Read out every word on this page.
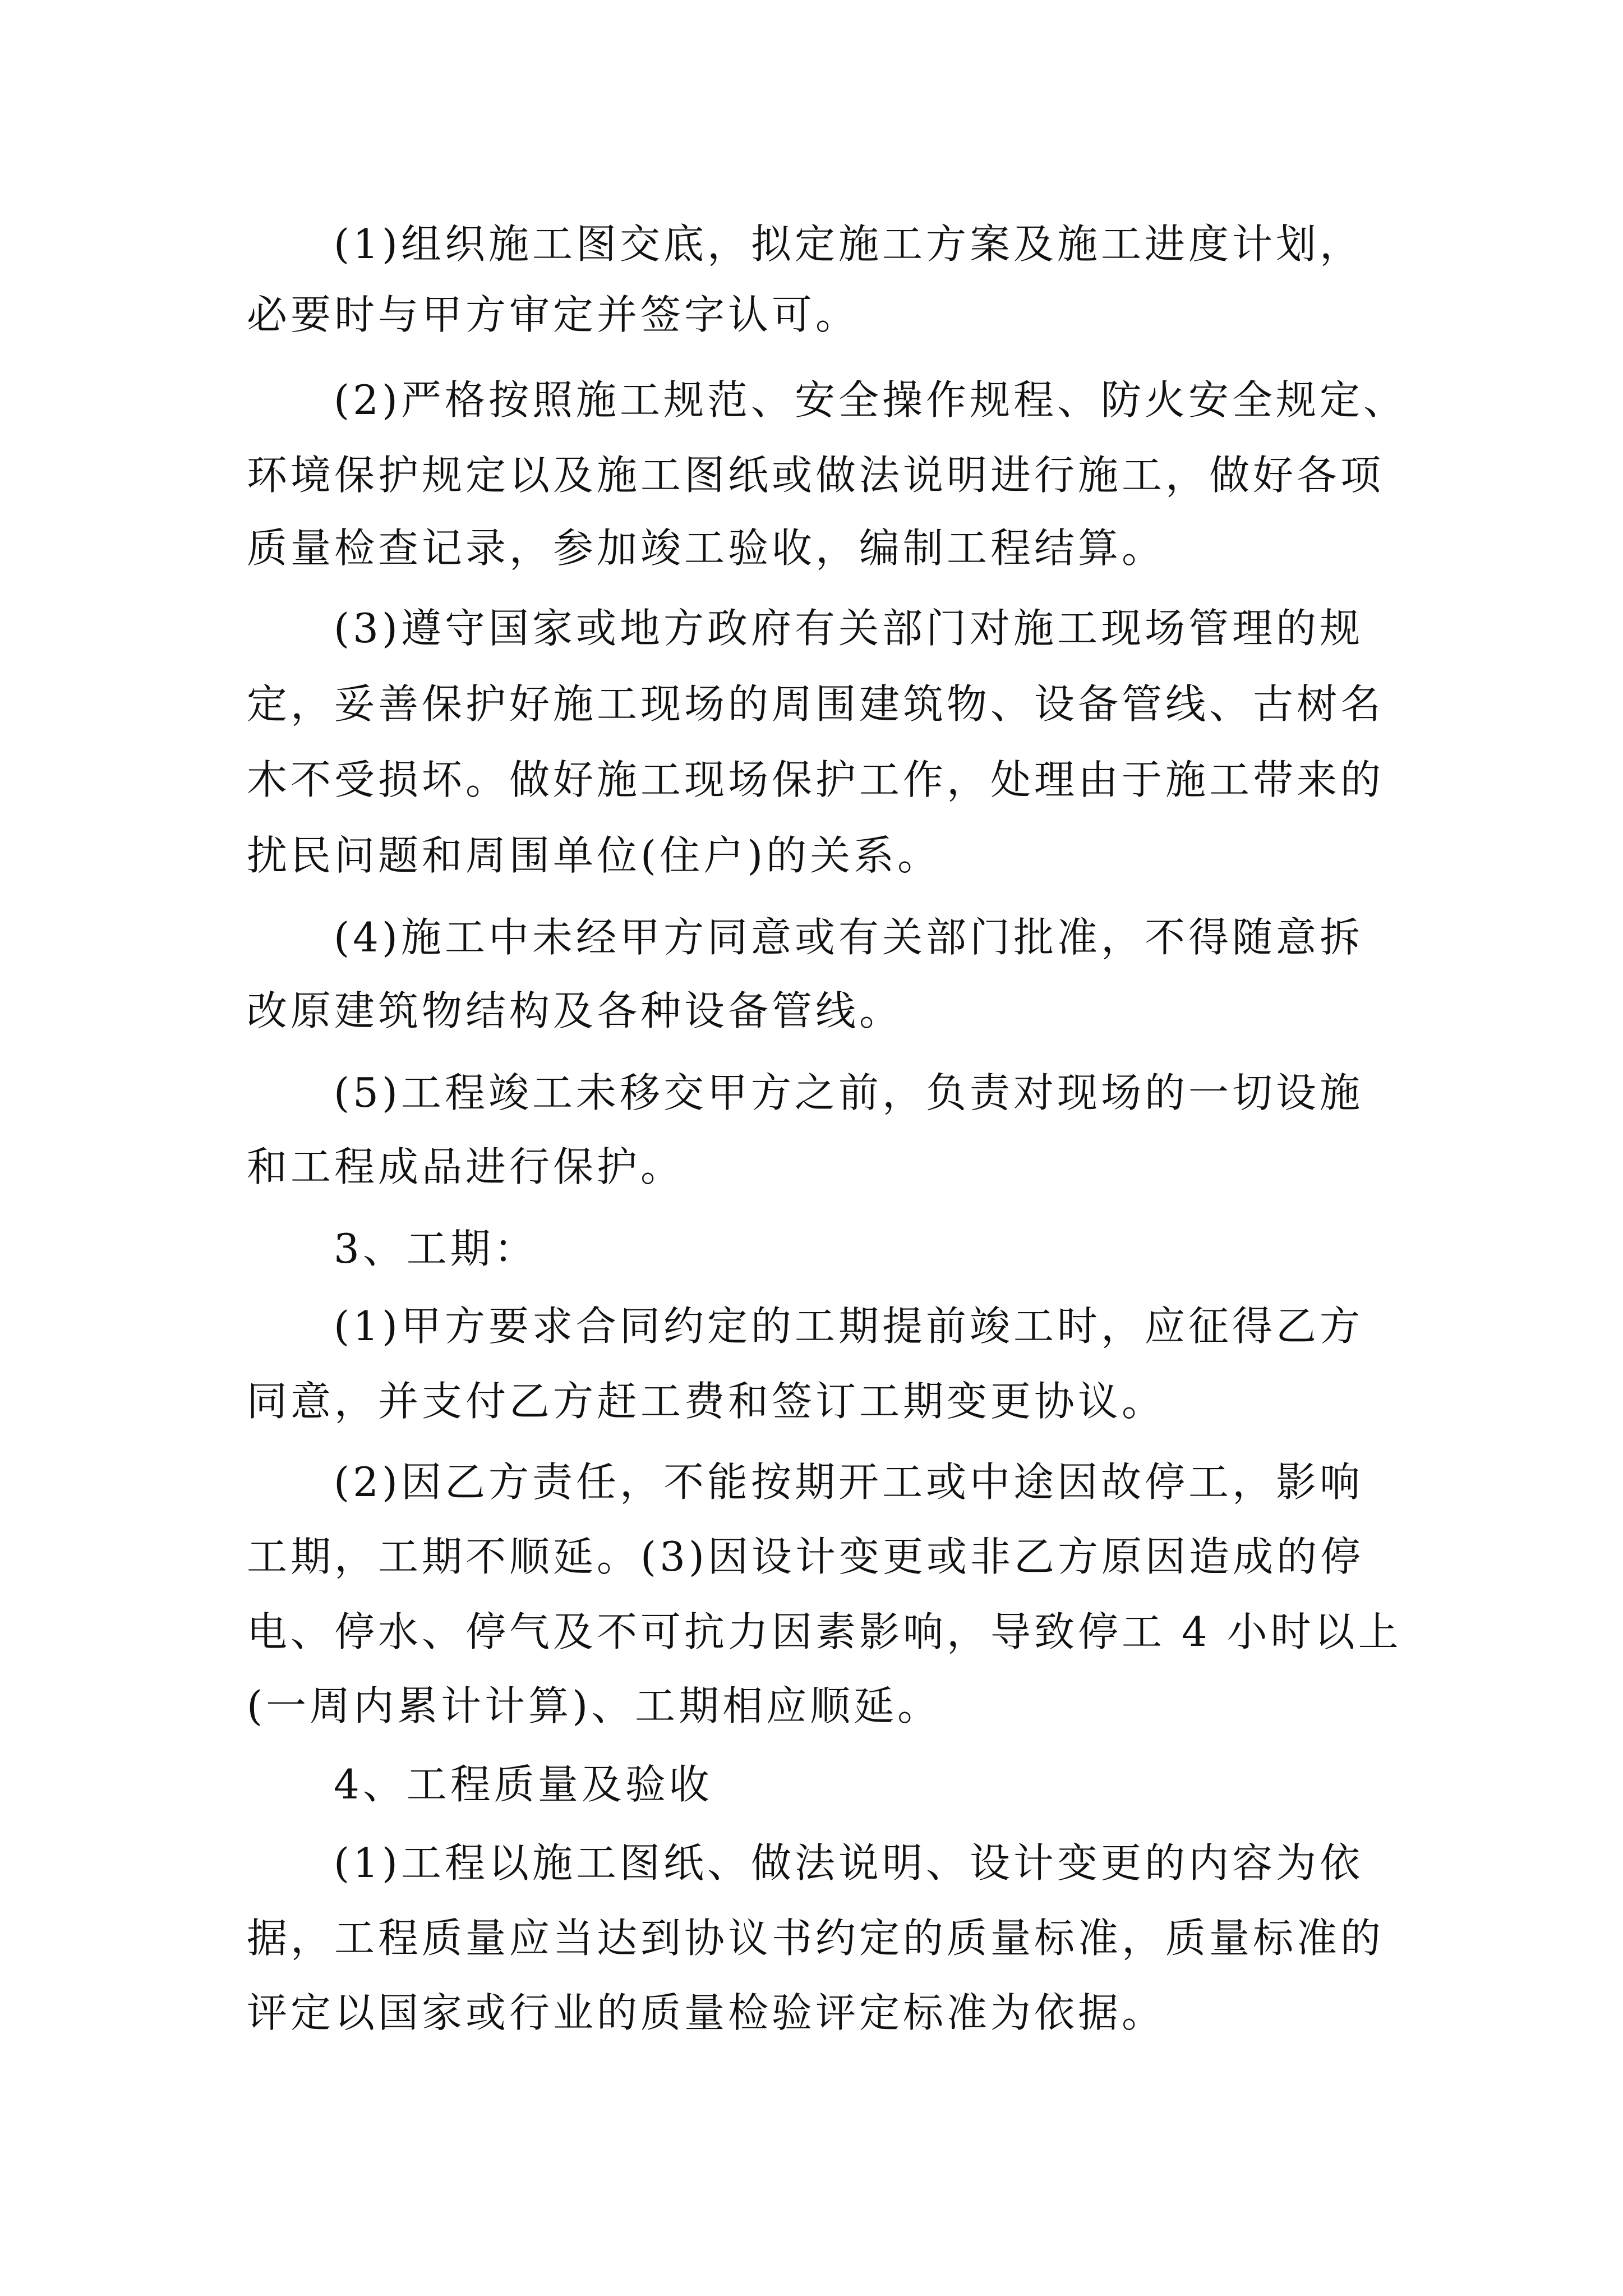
(1)组织施工图交底，拟定施工方案及施工进度计划，
必要时与甲方审定并签字认可。
(2)严格按照施工规范、安全操作规程、防火安全规定、
环境保护规定以及施工图纸或做法说明进行施工，做好各项
质量检查记录，参加竣工验收，编制工程结算。
(3)遵守国家或地方政府有关部门对施工现场管理的规
定，妥善保护好施工现场的周围建筑物、设备管线、古树名
木不受损坏。做好施工现场保护工作，处理由于施工带来的
扰民问题和周围单位(住户)的关系。
(4)施工中未经甲方同意或有关部门批准，不得随意拆
改原建筑物结构及各种设备管线。
(5)工程竣工未移交甲方之前，负责对现场的一切设施
和工程成品进行保护。
3、工期：
(1)甲方要求合同约定的工期提前竣工时，应征得乙方
同意，并支付乙方赶工费和签订工期变更协议。
(2)因乙方责任，不能按期开工或中途因故停工，影响
工期，工期不顺延。(3)因设计变更或非乙方原因造成的停
电、停水、停气及不可抗力因素影响，导致停工 4 小时以上
(一周内累计计算)、工期相应顺延。
4、工程质量及验收
(1)工程以施工图纸、做法说明、设计变更的内容为依
据，工程质量应当达到协议书约定的质量标准，质量标准的
评定以国家或行业的质量检验评定标准为依据。
